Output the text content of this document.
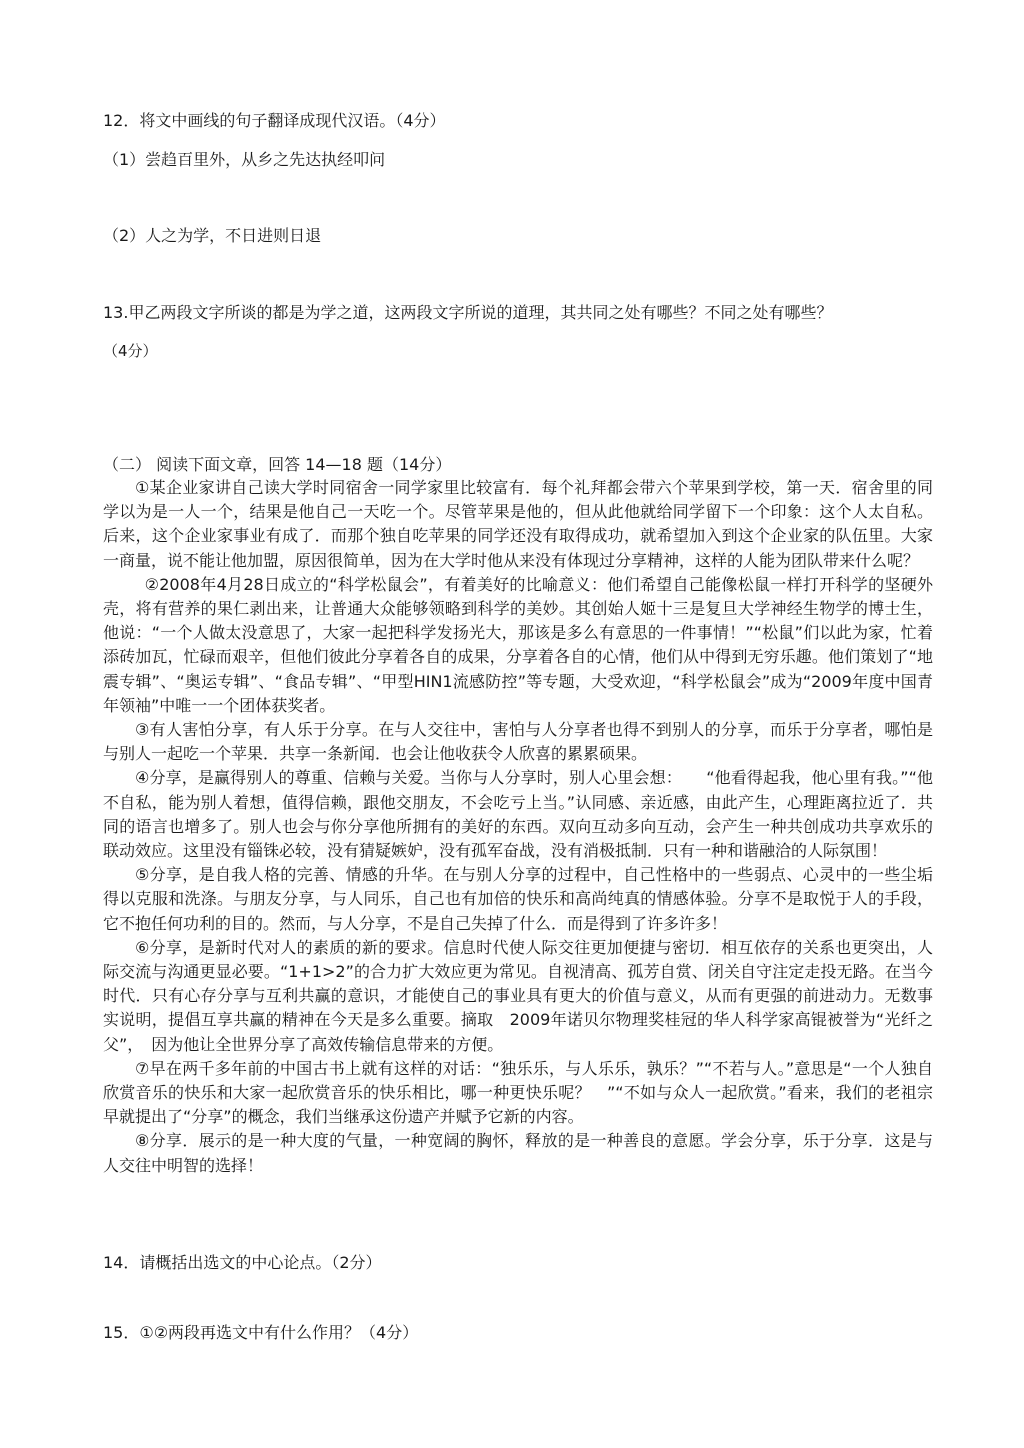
12．将文中画线的句子翻译成现代汉语。（4分）

（1）尝趋百里外，从乡之先达执经叩问

（2）人之为学，不日进则日退

13.甲乙两段文字所谈的都是为学之道，这两段文字所说的道理，其共同之处有哪些？不同之处有哪些？

（4分）

（二） 阅读下面文章，回答 14—18 题（14分）

①某企业家讲自己读大学时同宿舍一同学家里比较富有．每个礼拜都会带六个苹果到学校，第一天．宿舍里的同学以为是一人一个，结果是他自己一天吃一个。尽管苹果是他的，但从此他就给同学留下一个印象：这个人太自私。后来，这个企业家事业有成了．而那个独自吃苹果的同学还没有取得成功，就希望加入到这个企业家的队伍里。大家一商量，说不能让他加盟，原因很简单，因为在大学时他从来没有体现过分享精神，这样的人能为团队带来什么呢？

②2008年4月28日成立的“科学松鼠会”，有着美好的比喻意义：他们希望自己能像松鼠一样打开科学的坚硬外壳，将有营养的果仁剥出来，让普通大众能够领略到科学的美妙。其创始人姬十三是复旦大学神经生物学的博士生，他说：“一个人做太没意思了，大家一起把科学发扬光大，那该是多么有意思的一件事情！”“松鼠”们以此为家，忙着添砖加瓦，忙碌而艰辛，但他们彼此分享着各自的成果，分享着各自的心情，他们从中得到无穷乐趣。他们策划了“地震专辑”、“奥运专辑”、“食品专辑”、“甲型HIN1流感防控”等专题，大受欢迎，“科学松鼠会”成为“2009年度中国青年领袖”中唯一一个团体获奖者。

③有人害怕分享，有人乐于分享。在与人交往中，害怕与人分享者也得不到别人的分享，而乐于分享者，哪怕是与别人一起吃一个苹果．共享一条新闻．也会让他收获令人欣喜的累累硕果。

④分享，是赢得别人的尊重、信赖与关爱。当你与人分享时，别人心里会想：　　“他看得起我，他心里有我。”“他不自私，能为别人着想，值得信赖，跟他交朋友，不会吃亏上当。”认同感、亲近感，由此产生，心理距离拉近了．共同的语言也增多了。别人也会与你分享他所拥有的美好的东西。双向互动多向互动，会产生一种共创成功共享欢乐的联动效应。这里没有锱铢必较，没有猜疑嫉妒，没有孤军奋战，没有消极抵制．只有一种和谐融洽的人际氛围！

⑤分享，是自我人格的完善、情感的升华。在与别人分享的过程中，自己性格中的一些弱点、心灵中的一些尘垢得以克服和洗涤。与朋友分享，与人同乐，自己也有加倍的快乐和高尚纯真的情感体验。分享不是取悦于人的手段，它不抱任何功利的目的。然而，与人分享，不是自己失掉了什么．而是得到了许多许多！

⑥分享，是新时代对人的素质的新的要求。信息时代使人际交往更加便捷与密切．相互依存的关系也更突出，人际交流与沟通更显必要。“1+1>2”的合力扩大效应更为常见。自视清高、孤芳自赏、闭关自守注定走投无路。在当今时代．只有心存分享与互利共赢的意识，才能使自己的事业具有更大的价值与意义，从而有更强的前进动力。无数事实说明，提倡互享共赢的精神在今天是多么重要。摘取　2009年诺贝尔物理奖桂冠的华人科学家高锟被誉为“光纤之父”，　因为他让全世界分享了高效传输信息带来的方便。

⑦早在两千多年前的中国古书上就有这样的对话：“独乐乐，与人乐乐，孰乐？”“不若与人。”意思是“一个人独自欣赏音乐的快乐和大家一起欣赏音乐的快乐相比，哪一种更快乐呢？　”“不如与众人一起欣赏。”看来，我们的老祖宗早就提出了“分享”的概念，我们当继承这份遗产并赋予它新的内容。

⑧分享．展示的是一种大度的气量，一种宽阔的胸怀，释放的是一种善良的意愿。学会分享，乐于分享．这是与人交往中明智的选择！

14．请概括出选文的中心论点。（2分）

15．①②两段再选文中有什么作用？（4分）
